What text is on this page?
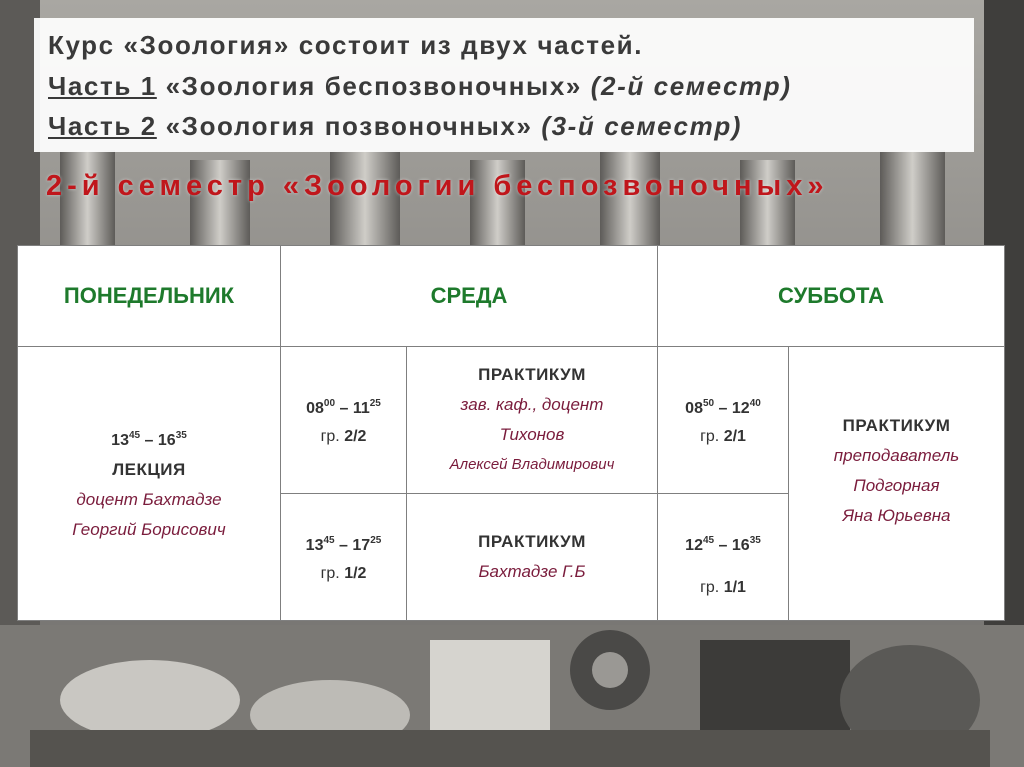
Курс «Зоология» состоит из двух частей.
Часть 1 «Зоология беспозвоночных» (2-й семестр)
Часть 2 «Зоология позвоночных» (3-й семестр)
2-й семестр «Зоологии беспозвоночных»
ПОНЕДЕЛЬНИК	СРЕДА	СУББОТА
$13^{45} - 16^{35}$
ЛЕКЦИЯ
доцент Бахтадзе
Георгий Борисович
$08^{00} - 11^{25}$
гр. 2/2
ПРАКТИКУМ
зав. каф., доцент
Тихонов
Алексей Владимирович
$13^{45} - 17^{25}$
гр. 1/2
ПРАКТИКУМ
Бахтадзе Г.Б
$08^{50} - 12^{40}$
гр. 2/1
$12^{45} - 16^{35}$
гр. 1/1
ПРАКТИКУМ
преподаватель
Подгорная
Яна Юрьевна
